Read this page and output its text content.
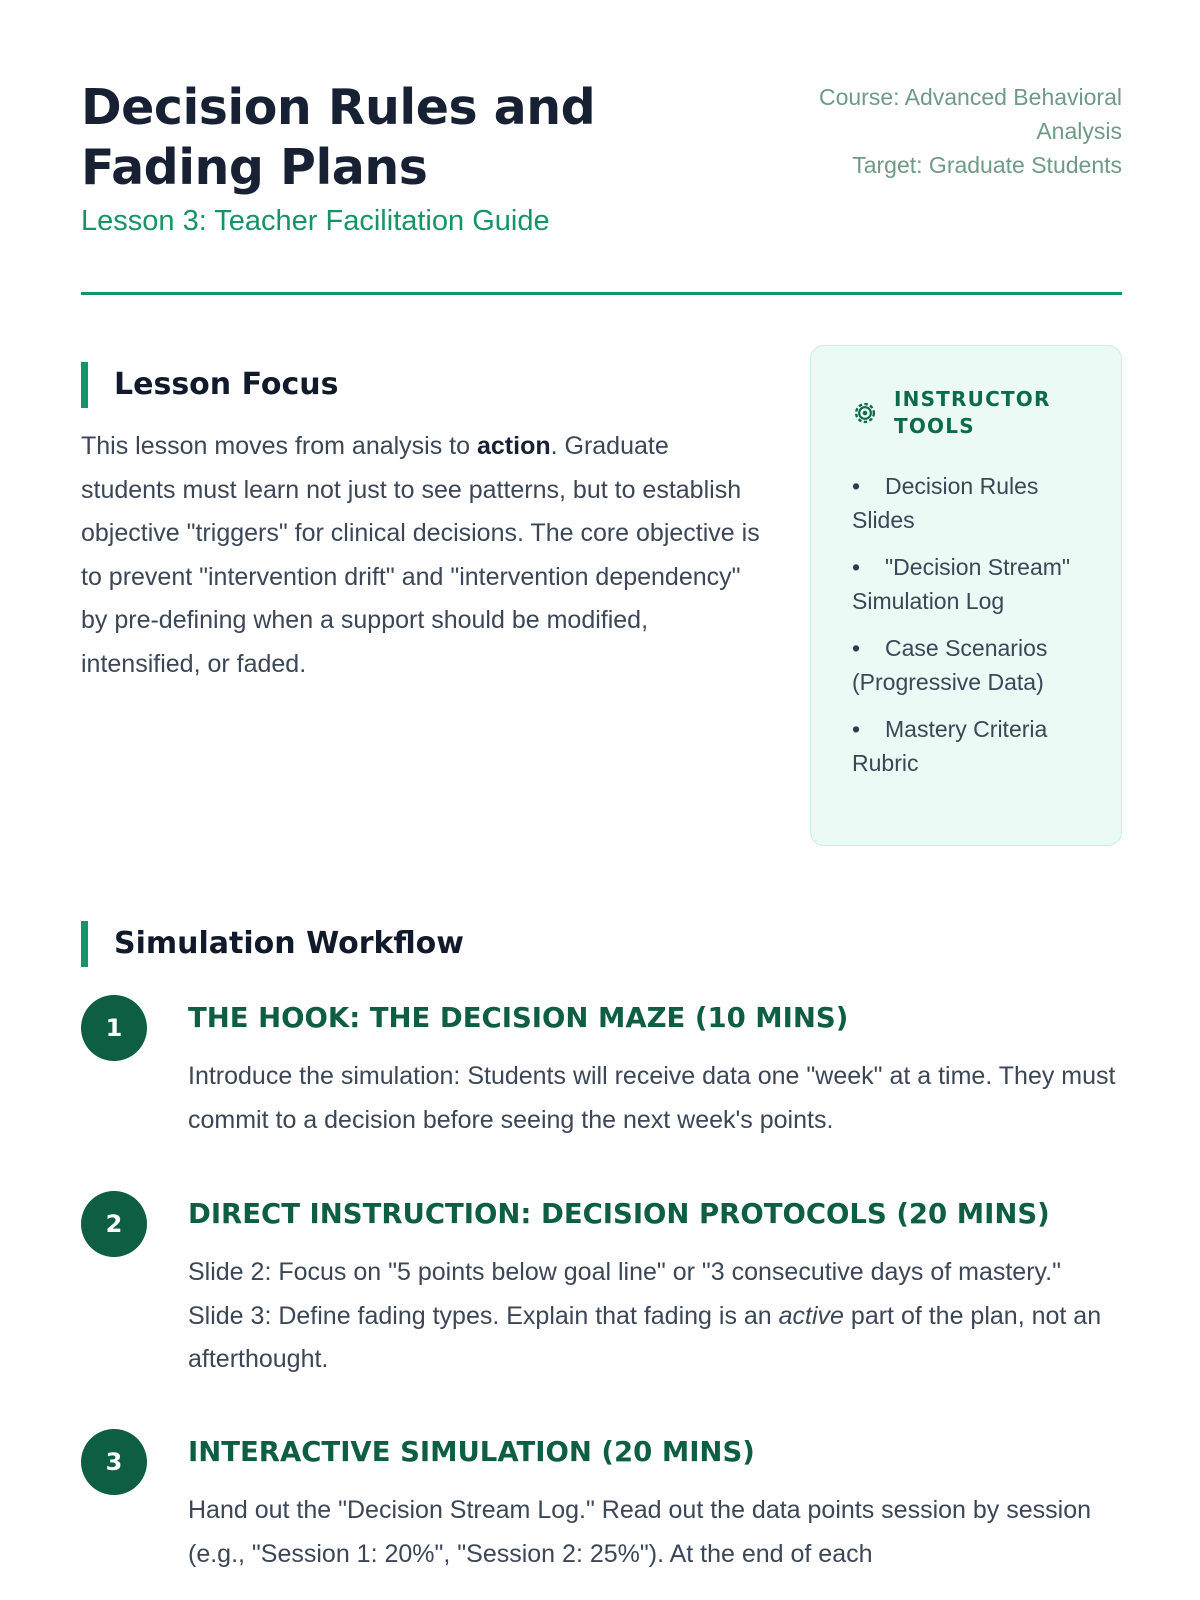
Decision Rules and Fading Plans
Lesson 3: Teacher Facilitation Guide
Course: Advanced Behavioral Analysis
Target: Graduate Students
Lesson Focus

This lesson moves from analysis to action. Graduate students must learn not just to see patterns, but to establish objective "triggers" for clinical decisions. The core objective is to prevent "intervention drift" and "intervention dependency" by pre-defining when a support should be modified, intensified, or faded.

INSTRUCTOR TOOLS
• Decision Rules Slides
• "Decision Stream" Simulation Log
• Case Scenarios (Progressive Data)
• Mastery Criteria Rubric
Simulation Workflow
1	THE HOOK: THE DECISION MAZE (10 MINS)

Introduce the simulation: Students will receive data one "week" at a time. They must commit to a decision before seeing the next week's points.

2	DIRECT INSTRUCTION: DECISION PROTOCOLS (20 MINS)

Slide 2: Focus on "5 points below goal line" or "3 consecutive days of mastery." Slide 3: Define fading types. Explain that fading is an active part of the plan, not an afterthought.

3	INTERACTIVE SIMULATION (20 MINS)

Hand out the "Decision Stream Log." Read out the data points session by session (e.g., "Session 1: 20%", "Session 2: 25%"). At the end of each
